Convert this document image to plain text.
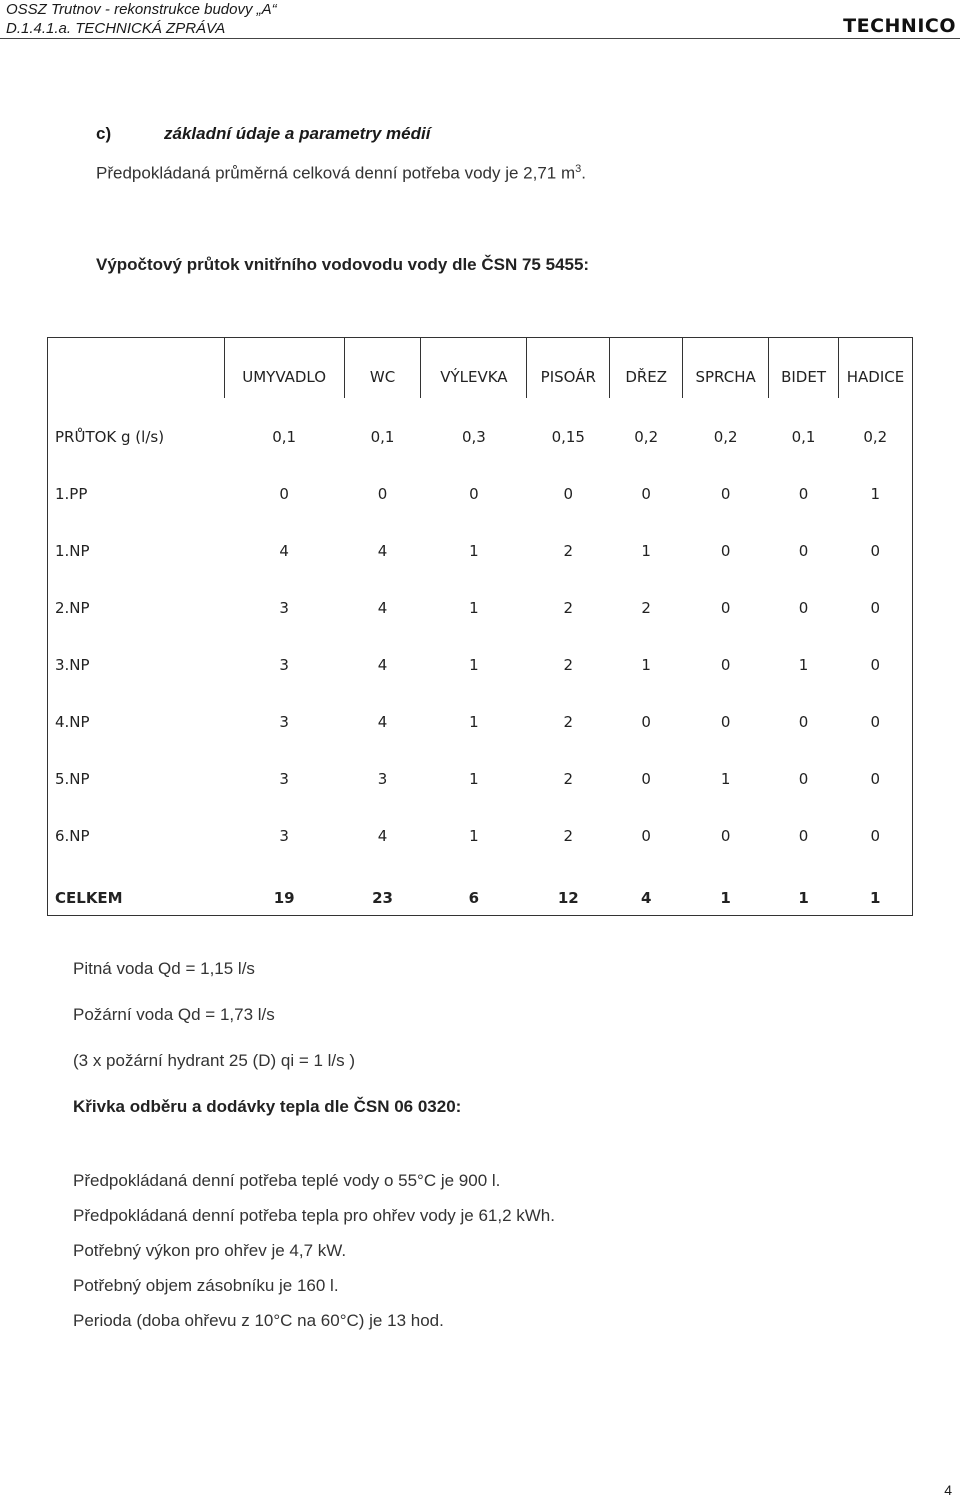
OSSZ Trutnov - rekonstrukce budovy „A“
D.1.4.1.a. TECHNICKÁ ZPRÁVA	TECHNICO
c)	základní údaje a parametry médií
Předpokládaná průměrná celková denní potřeba vody je 2,71 $m^3$.
Výpočtový průtok vnitřního vodovodu vody dle ČSN 75 5455:
	UMYVADLO	WC	VÝLEVKA	PISOÁR	DŘEZ	SPRCHA	BIDET	HADICE
PRŮTOK g (l/s)	0,1	0,1	0,3	0,15	0,2	0,2	0,1	0,2
1.PP	0	0	0	0	0	0	0	1
1.NP	4	4	1	2	1	0	0	0
2.NP	3	4	1	2	2	0	0	0
3.NP	3	4	1	2	1	0	1	0
4.NP	3	4	1	2	0	0	0	0
5.NP	3	3	1	2	0	1	0	0
6.NP	3	4	1	2	0	0	0	0
CELKEM	19	23	6	12	4	1	1	1
Pitná voda Qd = 1,15 l/s
Požární voda Qd = 1,73 l/s
(3 x požární hydrant 25 (D) qi = 1 l/s )
Křivka odběru a dodávky tepla dle ČSN 06 0320:
Předpokládaná denní potřeba teplé vody o 55°C je 900 l.
Předpokládaná denní potřeba tepla pro ohřev vody je 61,2 kWh.
Potřebný výkon pro ohřev je 4,7 kW.
Potřebný objem zásobníku je 160 l.
Perioda (doba ohřevu z 10°C na 60°C) je 13 hod.
4
